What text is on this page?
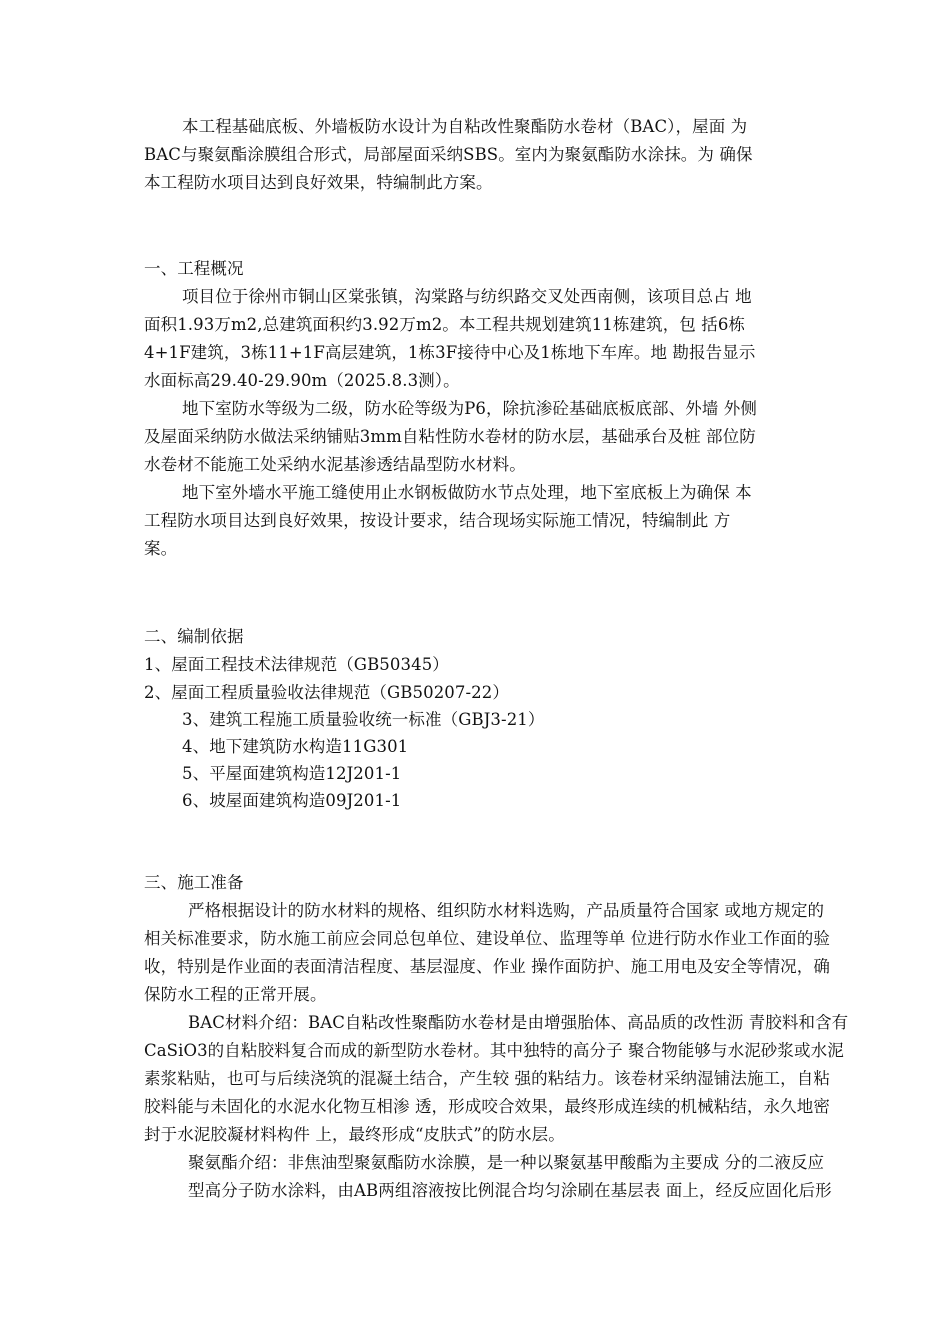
本工程基础底板、外墙板防水设计为自粘改性聚酯防水卷材（BAC），屋面 为
BAC与聚氨酯涂膜组合形式，局部屋面采纳SBS。室内为聚氨酯防水涂抹。为 确保
本工程防水项目达到良好效果，特编制此方案。
一、工程概况
项目位于徐州市铜山区棠张镇，沟棠路与纺织路交叉处西南侧，该项目总占 地
面积1.93万m2,总建筑面积约3.92万m2。本工程共规划建筑11栋建筑，包 括6栋
4+1F建筑，3栋11+1F高层建筑，1栋3F接待中心及1栋地下车库。地 勘报告显示
水面标高29.40-29.90m（2025.8.3测）。
地下室防水等级为二级，防水砼等级为P6，除抗渗砼基础底板底部、外墙 外侧
及屋面采纳防水做法采纳铺贴3mm自粘性防水卷材的防水层，基础承台及桩 部位防
水卷材不能施工处采纳水泥基渗透结晶型防水材料。
地下室外墙水平施工缝使用止水钢板做防水节点处理，地下室底板上为确保 本
工程防水项目达到良好效果，按设计要求，结合现场实际施工情况，特编制此 方
案。
二、编制依据
1、屋面工程技术法律规范（GB50345）
2、屋面工程质量验收法律规范（GB50207-22）
3、建筑工程施工质量验收统一标准（GBJ3-21）
4、地下建筑防水构造11G301
5、平屋面建筑构造12J201-1
6、坡屋面建筑构造09J201-1
三、施工准备
严格根据设计的防水材料的规格、组织防水材料选购，产品质量符合国家 或地方规定的
相关标准要求，防水施工前应会同总包单位、建设单位、监理等单 位进行防水作业工作面的验
收，特别是作业面的表面清洁程度、基层湿度、作业 操作面防护、施工用电及安全等情况，确
保防水工程的正常开展。
BAC材料介绍：BAC自粘改性聚酯防水卷材是由增强胎体、高品质的改性沥 青胶料和含有
CaSiO3的自粘胶料复合而成的新型防水卷材。其中独特的高分子 聚合物能够与水泥砂浆或水泥
素浆粘贴，也可与后续浇筑的混凝土结合，产生较 强的粘结力。该卷材采纳湿铺法施工，自粘
胶料能与未固化的水泥水化物互相渗 透，形成咬合效果，最终形成连续的机械粘结，永久地密
封于水泥胶凝材料构件 上，最终形成“皮肤式”的防水层。
聚氨酯介绍：非焦油型聚氨酯防水涂膜，是一种以聚氨基甲酸酯为主要成 分的二液反应
型高分子防水涂料，由AB两组溶液按比例混合均匀涂刷在基层表 面上，经反应固化后形
